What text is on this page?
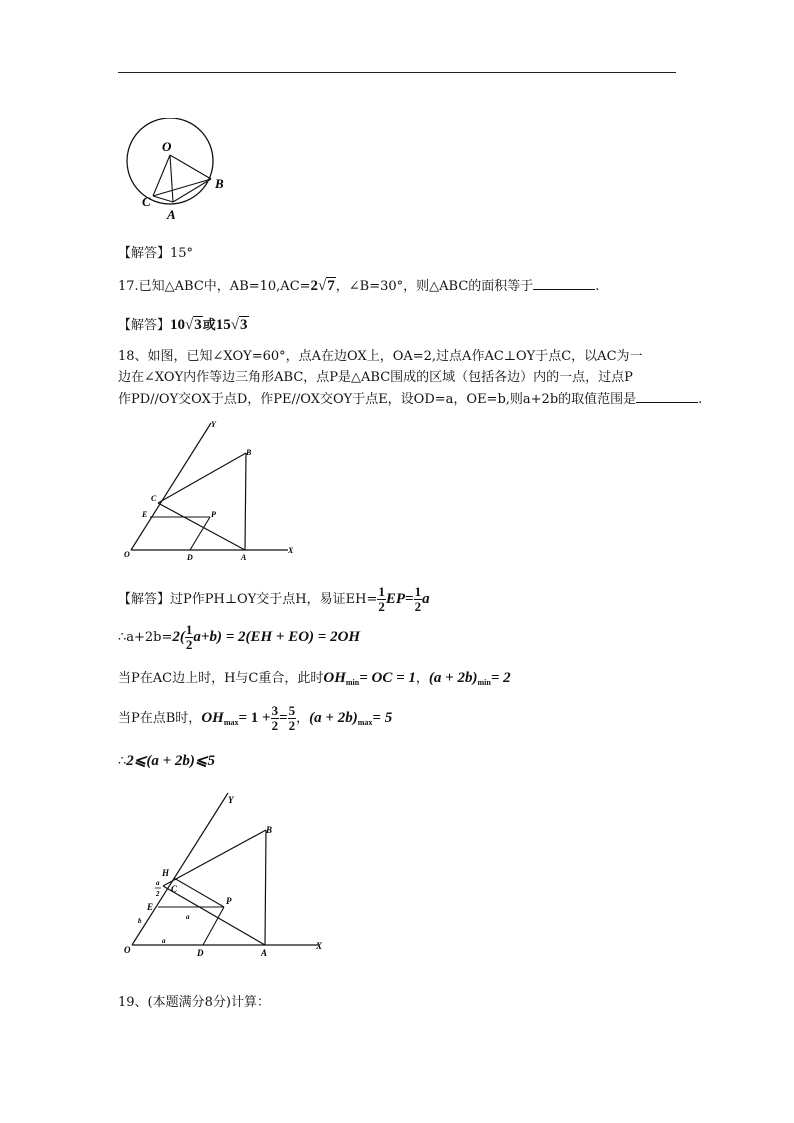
O
B
C
A
【解答】15°
17.已知△ABC中，AB=10,AC=2√7，∠B=30°，则△ABC的面积等于	.
【解答】10√3或15√3
18、如图，已知∠XOY=60°，点A在边OX上，OA=2,过点A作AC⊥OY于点C，以AC为一
边在∠XOY内作等边三角形ABC，点P是△ABC围成的区域（包括各边）内的一点，过点P
作PD//OY交OX于点D，作PE//OX交OY于点E，设OD=a，OE=b,则a+2b的取值范围是	.
Y
B
C
E	P
O	D	A
X
【解答】过P作PH⊥OY交于点H，易证$EH= \frac{1}{2} EP= \frac{1}{2}$ a
∴a+2b=2( $\frac{1}{2} a+b) = 2(EH + EO) = 2OH$
当P在AC边上时，H与C重合，此时$OH_{min}=$ OC = 1，$(a + 2b)_{min}= 2$
当P在点B时，$OH_{max}= 1 + \frac{3}{2} = \frac{5}{2}$ ，$(a + 2b)_{max}= 5$
∴2⩽(a + 2b)⩽5
Y
B
H
C
a
2
E
P
a
b
a
O	D	A
X
19、(本题满分8分)计算：
